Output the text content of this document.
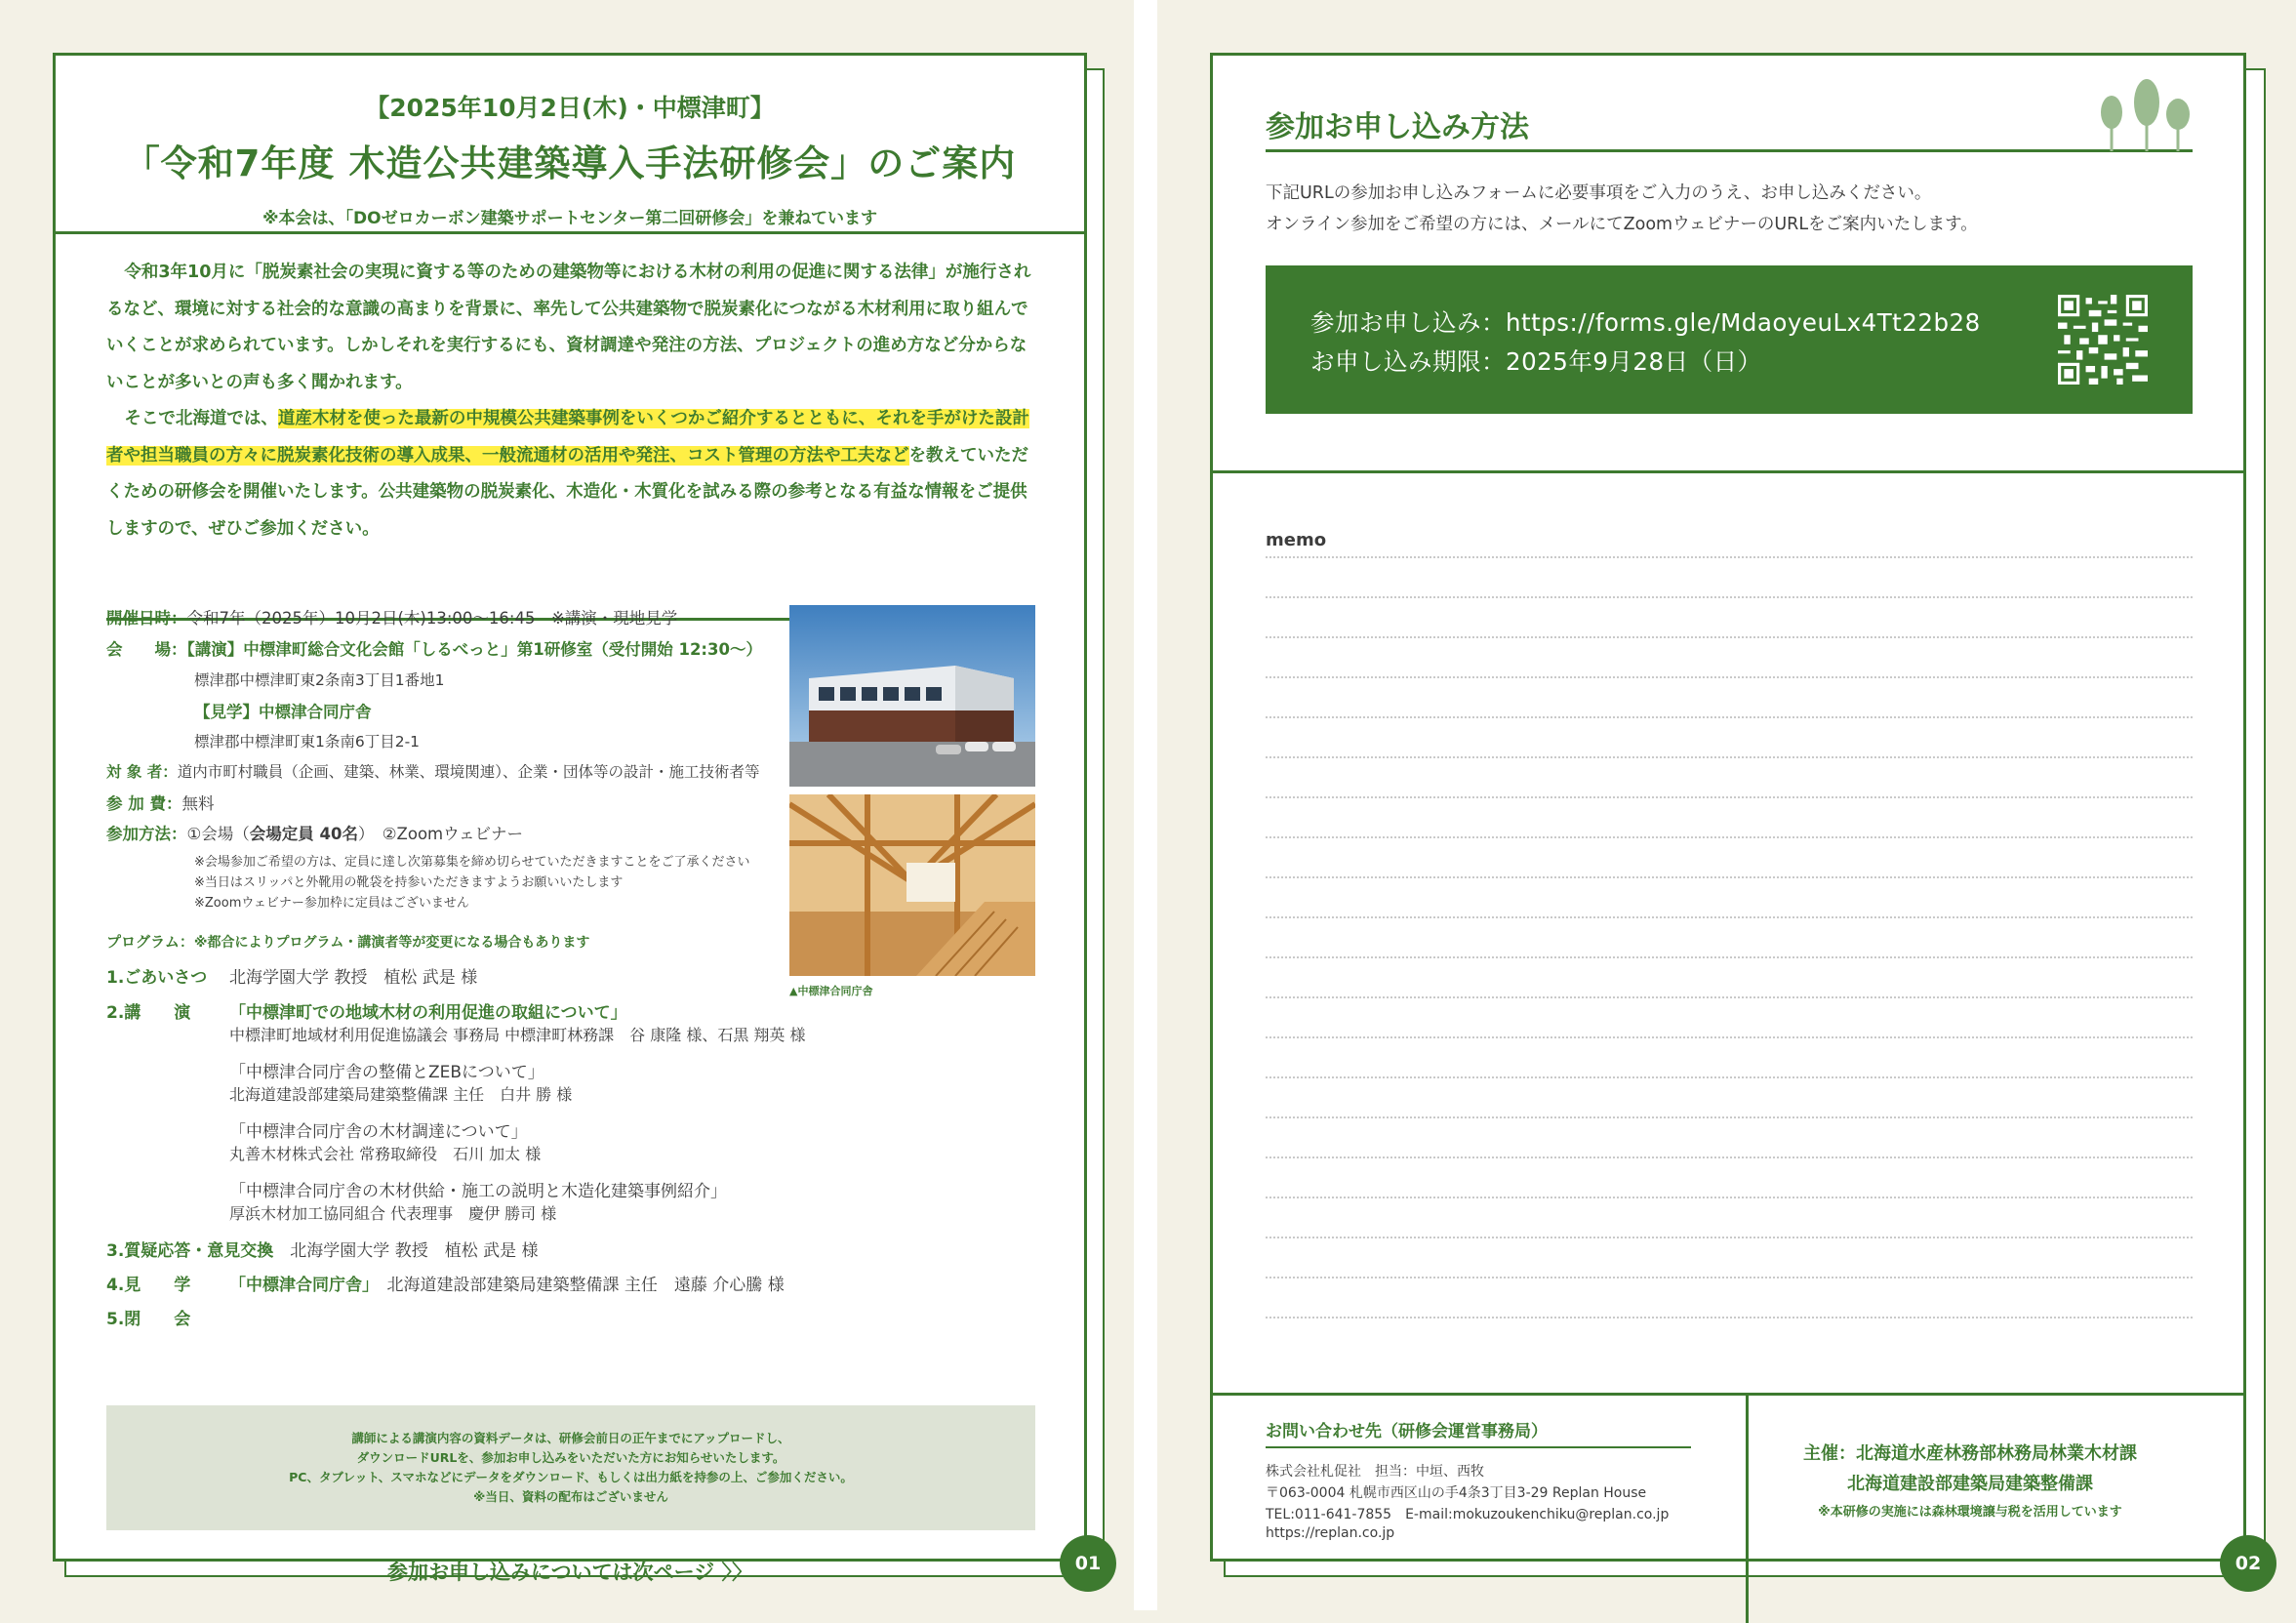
【2025年10月2日(木)・中標津町】
「令和7年度 木造公共建築導入手法研修会」のご案内
※本会は、「DOゼロカーボン建築サポートセンター第二回研修会」を兼ねています

令和3年10月に「脱炭素社会の実現に資する等のための建築物等における木材の利用の促進に関する法律」が施行されるなど、環境に対する社会的な意識の高まりを背景に、率先して公共建築物で脱炭素化につながる木材利用に取り組んでいくことが求められています。しかしそれを実行するにも、資材調達や発注の方法、プロジェクトの進め方など分からないことが多いとの声も多く聞かれます。

そこで北海道では、道産木材を使った最新の中規模公共建築事例をいくつかご紹介するとともに、それを手がけた設計者や担当職員の方々に脱炭素化技術の導入成果、一般流通材の活用や発注、コスト管理の方法や工夫などを教えていただくための研修会を開催いたします。公共建築物の脱炭素化、木造化・木質化を試みる際の参考となる有益な情報をご提供しますので、ぜひご参加ください。

開催日時：令和7年（2025年）10月2日(木)13:00～16:45　※講演・現地見学
会　　場：【講演】中標津町総合文化会館「しるべっと」第1研修室（受付開始 12:30～）
標津郡中標津町東2条南3丁目1番地1
【見学】中標津合同庁舎
標津郡中標津町東1条南6丁目2-1
対 象 者：道内市町村職員（企画、建築、林業、環境関連）、企業・団体等の設計・施工技術者等
参 加 費：無料
参加方法：①会場（会場定員 40名）　②Zoomウェビナー
※会場参加ご希望の方は、定員に達し次第募集を締め切らせていただきますことをご了承ください
※当日はスリッパと外靴用の靴袋を持参いただきますようお願いいたします
※Zoomウェビナー参加枠に定員はございません
▲中標津合同庁舎
プログラム：※都合によりプログラム・講演者等が変更になる場合もあります
1.ごあいさつ 北海学園大学 教授　植松 武是 様
2.講　　演 「中標津町での地域木材の利用促進の取組について」
中標津町地域材利用促進協議会 事務局 中標津町林務課　谷 康隆 様、石黒 翔英 様
「中標津合同庁舎の整備とZEBについて」
北海道建設部建築局建築整備課 主任　白井 勝 様
「中標津合同庁舎の木材調達について」
丸善木材株式会社 常務取締役　石川 加太 様
「中標津合同庁舎の木材供給・施工の説明と木造化建築事例紹介」
厚浜木材加工協同組合 代表理事　慶伊 勝司 様
3.質疑応答・意見交換　 北海学園大学 教授　植松 武是 様
4.見　　学 「中標津合同庁舎」　 北海道建設部建築局建築整備課 主任　遠藤 介心騰 様
5.閉　　会
講師による講演内容の資料データは、研修会前日の正午までにアップロードし、
ダウンロードURLを、参加お申し込みをいただいた方にお知らせいたします。
PC、タブレット、スマホなどにデータをダウンロード、もしくは出力紙を持参の上、ご参加ください。
※当日、資料の配布はございません
参加お申し込みについては次ページ 〉〉	01
参加お申し込み方法
下記URLの参加お申し込みフォームに必要事項をご入力のうえ、お申し込みください。
オンライン参加をご希望の方には、メールにてZoomウェビナーのURLをご案内いたします。
参加お申し込み：https://forms.gle/MdaoyeuLx4Tt22b28
お申し込み期限：2025年9月28日（日）
memo
お問い合わせ先（研修会運営事務局）
株式会社札促社　担当：中垣、西牧
〒063-0004 札幌市西区山の手4条3丁目3-29 Replan House
TEL:011-641-7855　E-mail:mokuzoukenchiku@replan.co.jp
https://replan.co.jp
主催：北海道水産林務部林務局林業木材課
北海道建設部建築局建築整備課
※本研修の実施には森林環境譲与税を活用しています
02
